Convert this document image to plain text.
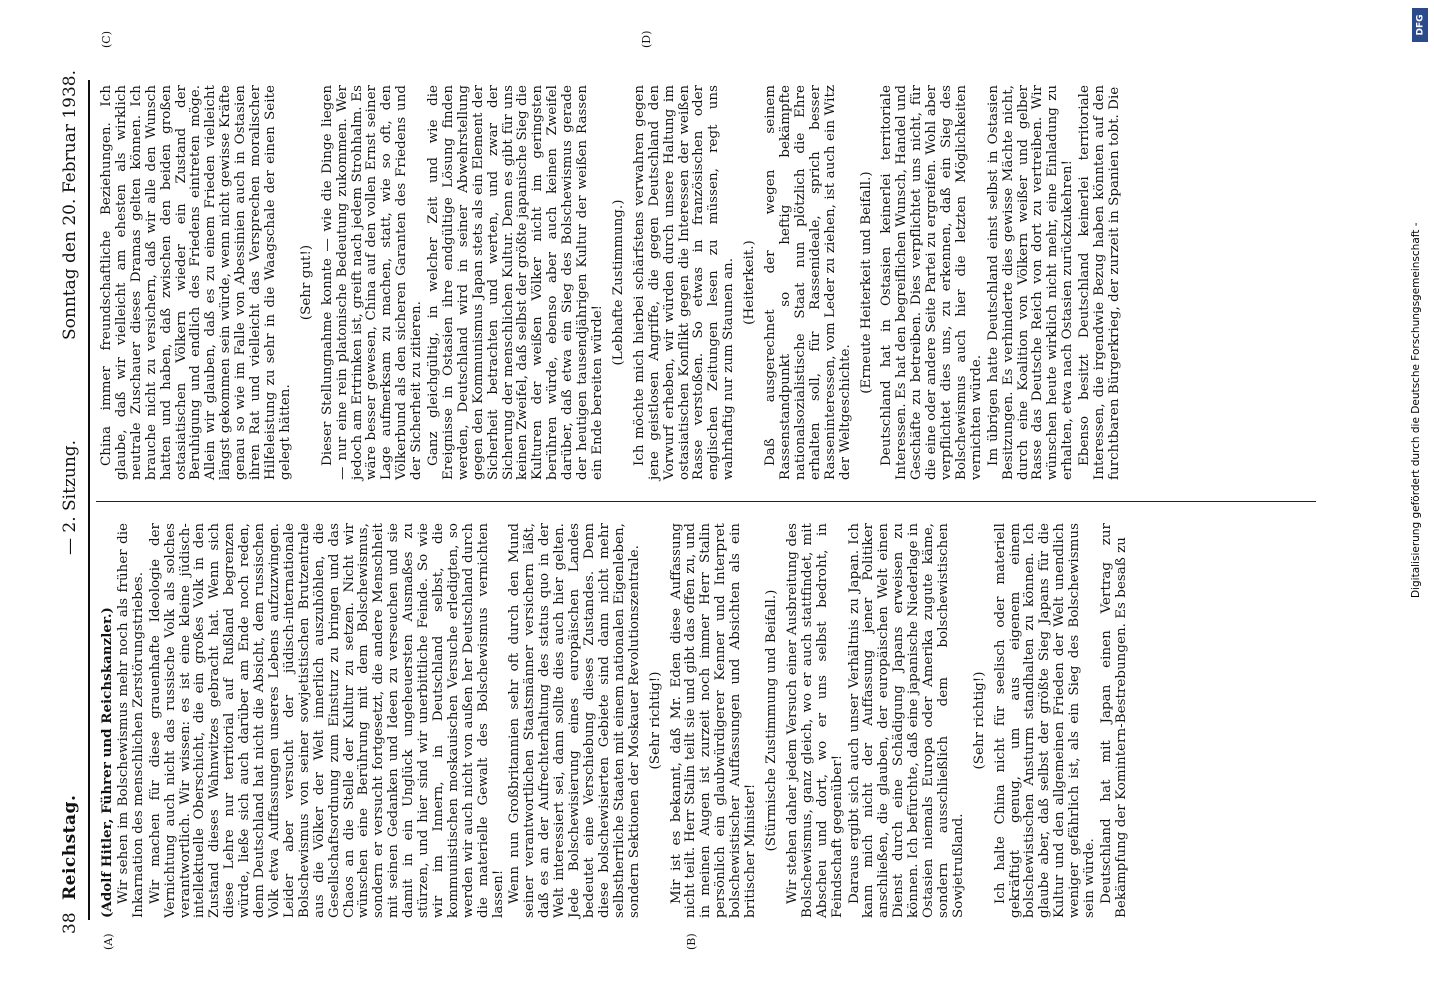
38
Reichstag.
— 2. Sitzung.
Sonntag den 20. Februar 1938.
(A)	(B)
(C)	(D)

(Adolf Hitler, Führer und Reichskanzler.) Wir sehen im Bolschewismus mehr noch als früher die Inkarnation des menschlichen Zerstörungstriebes. Wir machen für diese grauenhafte Ideologie der Vernichtung auch nicht das russische Volk als solches verantwortlich. Wir wissen: es ist eine kleine jüdisch-intellektuelle Oberschicht, die ein großes Volk in den Zustand dieses Wahnwitzes gebracht hat. Wenn sich diese Lehre nur territorial auf Rußland begrenzen würde, ließe sich auch darüber am Ende noch reden, denn Deutschland hat nicht die Absicht, dem russischen Volk etwa Auffassungen unseres Lebens aufzuzwingen. Leider aber versucht der jüdisch-internationale Bolschewismus von seiner sowjetistischen Brutzentrale aus die Völker der Welt innerlich auszuhöhlen, die Gesellschaftsordnung zum Einsturz zu bringen und das Chaos an die Stelle der Kultur zu setzen. Nicht wir wünschen eine Berührung mit dem Bolschewismus, sondern er versucht fortgesetzt, die andere Menschheit mit seinen Gedanken und Ideen zu verseuchen und sie damit in ein Unglück ungeheuersten Ausmaßes zu stürzen, und hier sind wir unerbittliche Feinde. So wie wir im Innern, in Deutschland selbst, die kommunistischen moskauischen Versuche erledigten, so werden wir auch nicht von außen her Deutschland durch die materielle Gewalt des Bolschewismus vernichten lassen! Wenn nun Großbritannien sehr oft durch den Mund seiner verantwortlichen Staatsmänner versichern läßt, daß es an der Aufrechterhaltung des status quo in der Welt interessiert sei, dann sollte dies auch hier gelten. Jede Bolschewisierung eines europäischen Landes bedeutet eine Verschiebung dieses Zustandes. Denn diese bolschewisierten Gebiete sind dann nicht mehr selbstherrliche Staaten mit einem nationalen Eigenleben, sondern Sektionen der Moskauer Revolutionszentrale. (Sehr richtig!) Mir ist es bekannt, daß Mr. Eden diese Auffassung nicht teilt. Herr Stalin teilt sie und gibt das offen zu, und in meinen Augen ist zurzeit noch immer Herr Stalin persönlich ein glaubwürdigerer Kenner und Interpret bolschewistischer Auffassungen und Absichten als ein britischer Minister! (Stürmische Zustimmung und Beifall.) Wir stehen daher jedem Versuch einer Ausbreitung des Bolschewismus, ganz gleich, wo er auch stattfindet, mit Abscheu und dort, wo er uns selbst bedroht, in Feindschaft gegenüber! Daraus ergibt sich auch unser Verhältnis zu Japan. Ich kann mich nicht der Auffassung jener Politiker anschließen, die glauben, der europäischen Welt einen Dienst durch eine Schädigung Japans erweisen zu können. Ich befürchte, daß eine japanische Niederlage in Ostasien niemals Europa oder Amerika zugute käme, sondern ausschließlich dem bolschewistischen Sowjetrußland.

(Sehr richtig!) Ich halte China nicht für seelisch oder materiell gekräftigt genug, um aus eigenem einem bolschewistischen Ansturm standhalten zu können. Ich glaube aber, daß selbst der größte Sieg Japans für die Kultur und den allgemeinen Frieden der Welt unendlich weniger gefährlich ist, als ein Sieg des Bolschewismus sein würde. Deutschland hat mit Japan einen Vertrag zur Bekämpfung der Komintern-Bestrebungen. Es besaß zu

China immer freundschaftliche Beziehungen. Ich glaube, daß wir vielleicht am ehesten als wirklich neutrale Zuschauer dieses Dramas gelten können. Ich brauche nicht zu versichern, daß wir alle den Wunsch hatten und haben, daß zwischen den beiden großen ostasiatischen Völkern wieder ein Zustand der Beruhigung und endlich des Friedens eintreten möge. Allein wir glauben, daß es zu einem Frieden vielleicht längst gekommen sein würde, wenn nicht gewisse Kräfte genau so wie im Falle von Abessinien auch in Ostasien ihren Rat und vielleicht das Versprechen moralischer Hilfeleistung zu sehr in die Waagschale der einen Seite gelegt hätten.

(Sehr gut!) Dieser Stellungnahme konnte — wie die Dinge liegen — nur eine rein platonische Bedeutung zukommen. Wer jedoch am Ertrinken ist, greift nach jedem Strohhalm. Es wäre besser gewesen, China auf den vollen Ernst seiner Lage aufmerksam zu machen, statt, wie so oft, den Völkerbund als den sicheren Garanten des Friedens und der Sicherheit zu zitieren. Ganz gleichgültig, in welcher Zeit und wie die Ereignisse in Ostasien ihre endgültige Lösung finden werden, Deutschland wird in seiner Abwehrstellung gegen den Kommunismus Japan stets als ein Element der Sicherheit betrachten und werten, und zwar der Sicherung der menschlichen Kultur. Denn es gibt für uns keinen Zweifel, daß selbst der größte japanische Sieg die Kulturen der weißen Völker nicht im geringsten berühren würde, ebenso aber auch keinen Zweifel darüber, daß etwa ein Sieg des Bolschewismus gerade der heutigen tausendjährigen Kultur der weißen Rassen ein Ende bereiten würde!

(Lebhafte Zustimmung.) Ich möchte mich hierbei schärfstens verwahren gegen jene geistlosen Angriffe, die gegen Deutschland den Vorwurf erheben, wir würden durch unsere Haltung im ostasiatischen Konflikt gegen die Interessen der weißen Rasse verstoßen. So etwas in französischen oder englischen Zeitungen lesen zu müssen, regt uns wahrhaftig nur zum Staunen an. (Heiterkeit.) Daß ausgerechnet der wegen seinem Rassenstandpunkt so heftig bekämpfte nationalsozialistische Staat nun plötzlich die Ehre erhalten soll, für Rassenideale, sprich besser Rasseninteressen, vom Leder zu ziehen, ist auch ein Witz der Weltgeschichte.

(Erneute Heiterkeit und Beifall.) Deutschland hat in Ostasien keinerlei territoriale Interessen. Es hat den begreiflichen Wunsch, Handel und Geschäfte zu betreiben. Dies verpflichtet uns nicht, für die eine oder andere Seite Partei zu ergreifen. Wohl aber verpflichtet dies uns, zu erkennen, daß ein Sieg des Bolschewismus auch hier die letzten Möglichkeiten vernichten würde. Im übrigen hatte Deutschland einst selbst in Ostasien Besitzungen. Es verhinderte dies gewisse Mächte nicht, durch eine Koalition von Völkern weißer und gelber Rasse das Deutsche Reich von dort zu vertreiben. Wir wünschen heute wirklich nicht mehr, eine Einladung zu erhalten, etwa nach Ostasien zurückzukehren! Ebenso besitzt Deutschland keinerlei territoriale Interessen, die irgendwie Bezug haben könnten auf den furchtbaren Bürgerkrieg, der zurzeit in Spanien tobt. Die

DFG
Digitalisierung gefördert durch die Deutsche Forschungsgemeinschaft -
